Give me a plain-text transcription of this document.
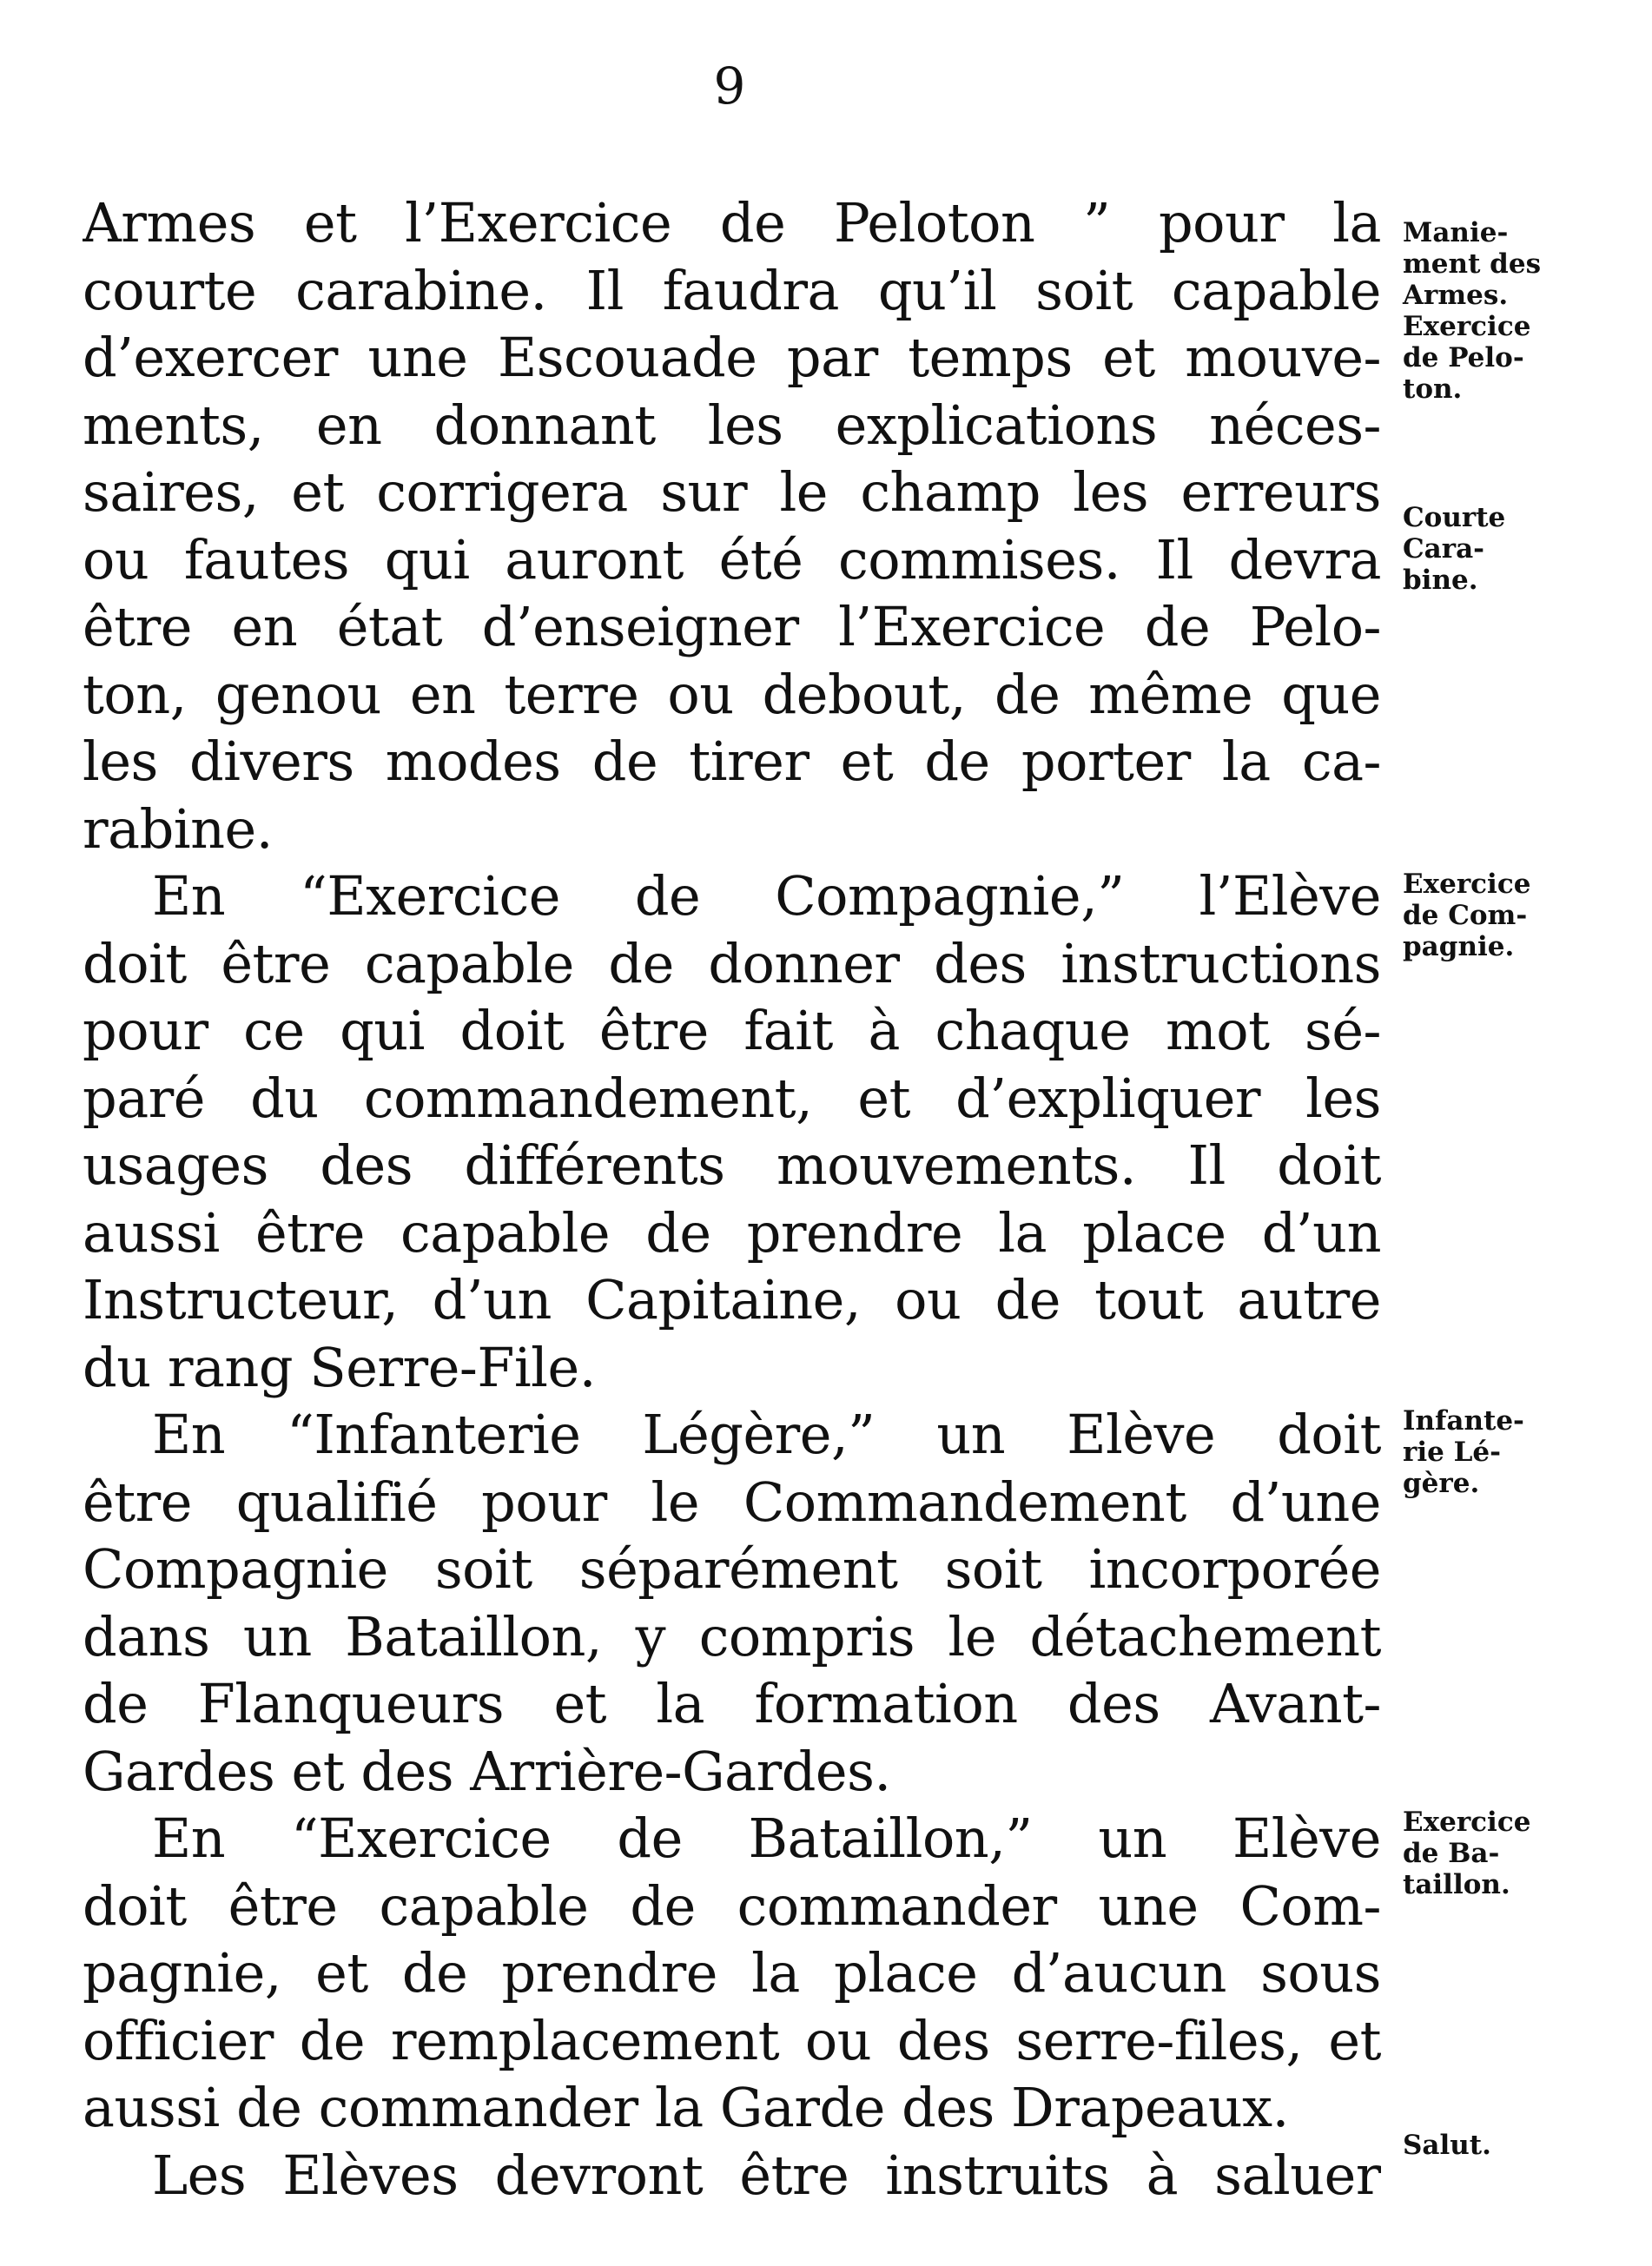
9
Armes et l’Exercice de Peloton ” pour la
courte carabine. Il faudra qu’il soit capable
d’exercer une Escouade par temps et mouve-
ments, en donnant les explications néces-
saires, et corrigera sur le champ les erreurs
ou fautes qui auront été commises. Il devra
être en état d’enseigner l’Exercice de Pelo-
ton, genou en terre ou debout, de même que
les divers modes de tirer et de porter la ca-
rabine.
En “Exercice de Compagnie,” l’Elève
doit être capable de donner des instructions
pour ce qui doit être fait à chaque mot sé-
paré du commandement, et d’expliquer les
usages des différents mouvements. Il doit
aussi être capable de prendre la place d’un
Instructeur, d’un Capitaine, ou de tout autre
du rang Serre-File.
En “Infanterie Légère,” un Elève doit
être qualifié pour le Commandement d’une
Compagnie soit séparément soit incorporée
dans un Bataillon, y compris le détachement
de Flanqueurs et la formation des Avant-
Gardes et des Arrière-Gardes.
En “Exercice de Bataillon,” un Elève
doit être capable de commander une Com-
pagnie, et de prendre la place d’aucun sous
officier de remplacement ou des serre-files, et
aussi de commander la Garde des Drapeaux.
Les Elèves devront être instruits à saluer
Manie-
ment des
Armes.
Exercice
de Pelo-
ton.
Courte
Cara-
bine.
Exercice
de Com-
pagnie.
Infante-
rie Lé-
gère.
Exercice
de Ba-
taillon.
Salut.
